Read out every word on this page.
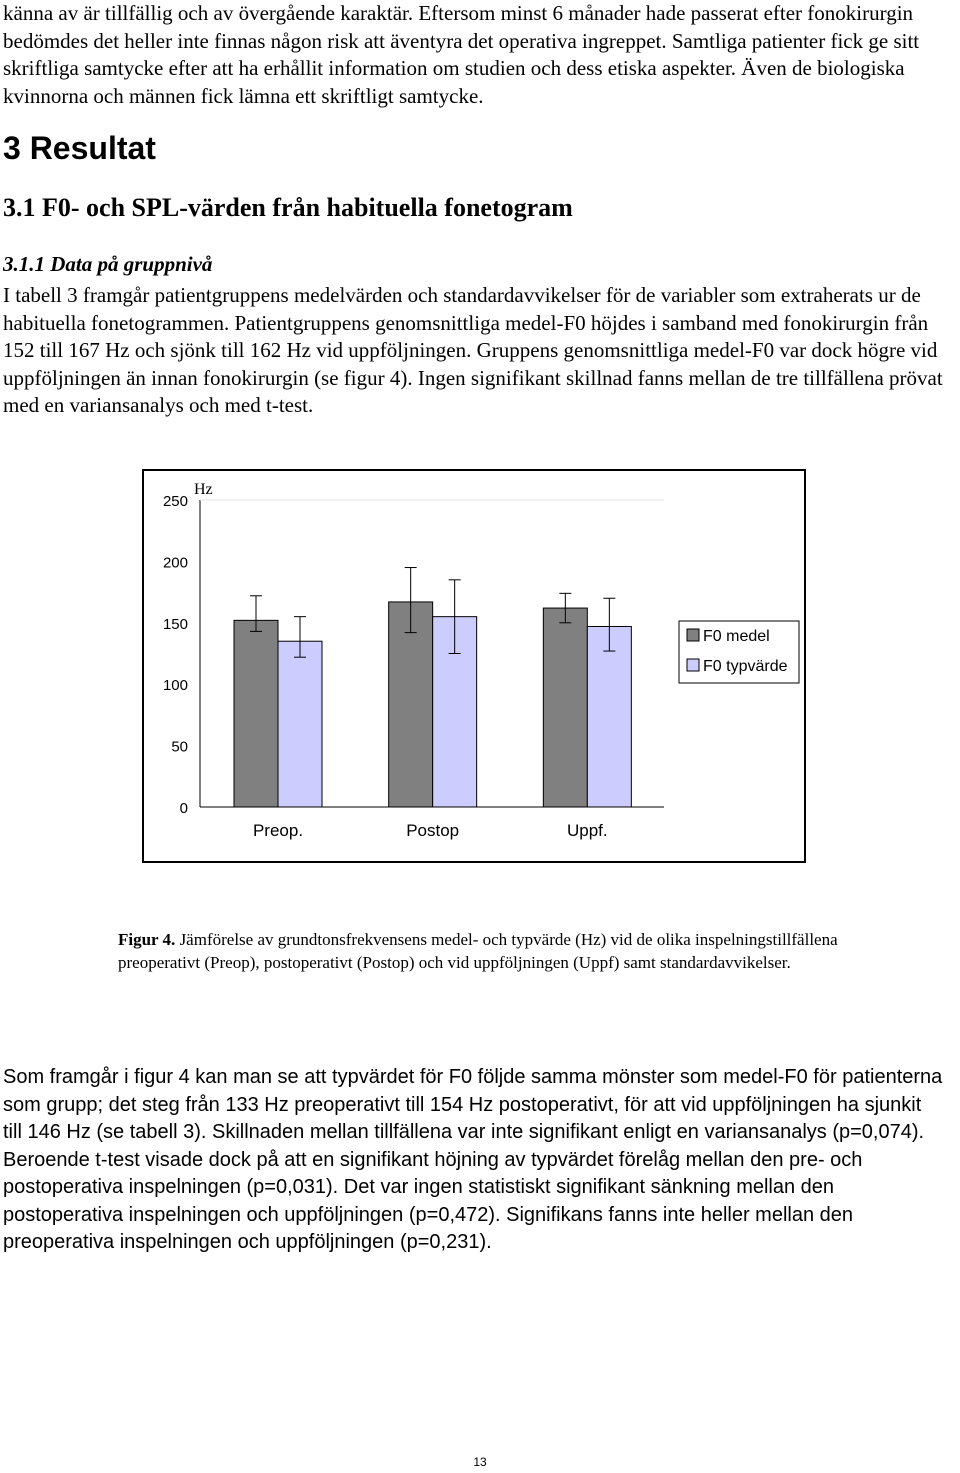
känna av är tillfällig och av övergående karaktär. Eftersom minst 6 månader hade passerat efter fonokirurgin bedömdes det heller inte finnas någon risk att äventyra det operativa ingreppet. Samtliga patienter fick ge sitt skriftliga samtycke efter att ha erhållit information om studien och dess etiska aspekter. Även de biologiska kvinnorna och männen fick lämna ett skriftligt samtycke.

3 Resultat
3.1 F0- och SPL-värden från habituella fonetogram
3.1.1 Data på gruppnivå

I tabell 3 framgår patientgruppens medelvärden och standardavvikelser för de variabler som extraherats ur de habituella fonetogrammen. Patientgruppens genomsnittliga medel-F0 höjdes i samband med fonokirurgin från 152 till 167 Hz och sjönk till 162 Hz vid uppföljningen. Gruppens genomsnittliga medel-F0 var dock högre vid uppföljningen än innan fonokirurgin (se figur 4). Ingen signifikant skillnad fanns mellan de tre tillfällena prövat med en variansanalys och med t-test.

0
50
100
150
200
250
Hz
Preop.	Postop	Uppf.
F0 medel
F0 typvärde

Figur 4. Jämförelse av grundtonsfrekvensens medel- och typvärde (Hz) vid de olika inspelningstillfällena preoperativt (Preop), postoperativt (Postop) och vid uppföljningen (Uppf) samt standardavvikelser.

Som framgår i figur 4 kan man se att typvärdet för F0 följde samma mönster som medel-F0 för patienterna som grupp; det steg från 133 Hz preoperativt till 154 Hz postoperativt, för att vid uppföljningen ha sjunkit till 146 Hz (se tabell 3). Skillnaden mellan tillfällena var inte signifikant enligt en variansanalys (p=0,074). Beroende t-test visade dock på att en signifikant höjning av typvärdet förelåg mellan den pre- och postoperativa inspelningen (p=0,031). Det var ingen statistiskt signifikant sänkning mellan den postoperativa inspelningen och uppföljningen (p=0,472). Signifikans fanns inte heller mellan den preoperativa inspelningen och uppföljningen (p=0,231).

13
